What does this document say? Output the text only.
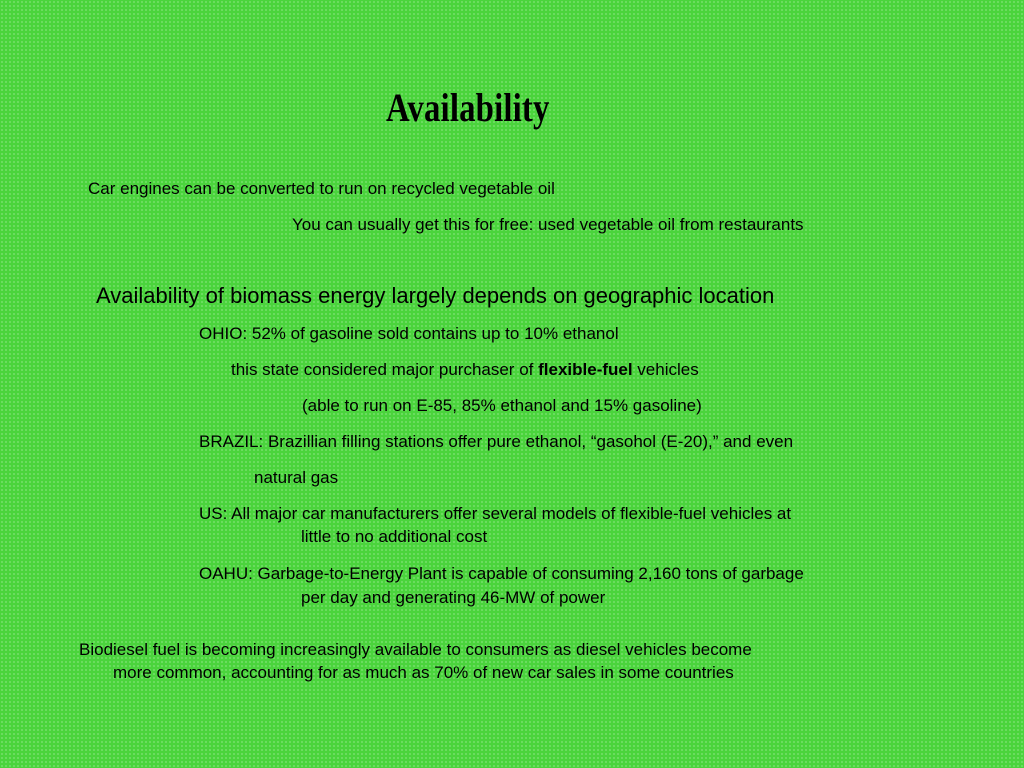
Availability
Car engines can be converted to run on recycled vegetable oil
You can usually get this for free: used vegetable oil from restaurants
Availability of biomass energy largely depends on geographic location
OHIO: 52% of gasoline sold contains up to 10% ethanol
this state considered major purchaser of flexible-fuel vehicles
(able to run on E-85, 85% ethanol and 15% gasoline)
BRAZIL: Brazillian filling stations offer pure ethanol, “gasohol (E-20),” and even
natural gas
US: All major car manufacturers offer several models of flexible-fuel vehicles at
little to no additional cost
OAHU: Garbage-to-Energy Plant is capable of consuming 2,160 tons of garbage
per day and generating 46-MW of power
Biodiesel fuel is becoming increasingly available to consumers as diesel vehicles become
more common, accounting for as much as 70% of new car sales in some countries
